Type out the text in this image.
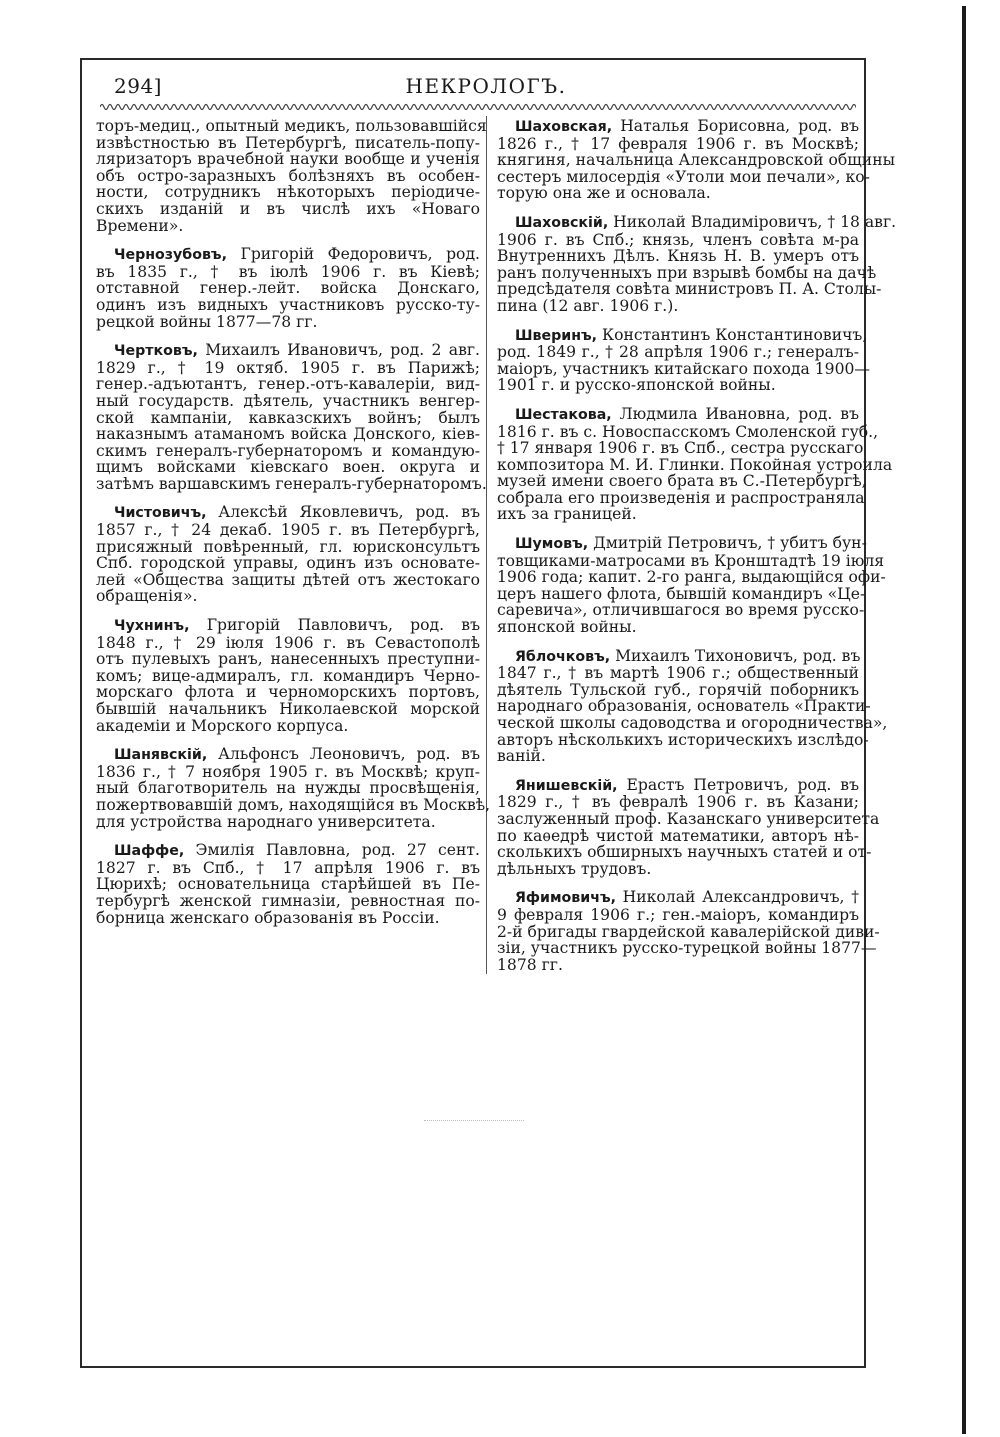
294]	НЕКРОЛОГЪ.
торъ-медиц., опытный медикъ, пользовавшійся
извѣстностью въ Петербургѣ, писатель-попу-
ляризаторъ врачебной науки вообще и ученія
объ остро-заразныхъ болѣзняхъ въ особен-
ности, сотрудникъ нѣкоторыхъ періодиче-
скихъ изданій и въ числѣ ихъ «Новаго
Времени».
Чернозубовъ, Григорій Федоровичъ, род.
въ 1835 г., † въ іюлѣ 1906 г. въ Кіевѣ;
отставной генер.-лейт. войска Донскаго,
одинъ изъ видныхъ участниковъ русско-ту-
рецкой войны 1877—78 гг.
Чертковъ, Михаилъ Ивановичъ, род. 2 авг.
1829 г., † 19 октяб. 1905 г. въ Парижѣ;
генер.-адъютантъ, генер.-отъ-кавалеріи, вид-
ный государств. дѣятель, участникъ венгер-
ской кампаніи, кавказскихъ войнъ; былъ
наказнымъ атаманомъ войска Донского, кіев-
скимъ генералъ-губернаторомъ и командую-
щимъ войсками кіевскаго воен. округа и
затѣмъ варшавскимъ генералъ-губернаторомъ.
Чистовичъ, Алексѣй Яковлевичъ, род. въ
1857 г., † 24 декаб. 1905 г. въ Петербургѣ,
присяжный повѣренный, гл. юрисконсультъ
Спб. городской управы, одинъ изъ основате-
лей «Общества защиты дѣтей отъ жестокаго
обращенія».
Чухнинъ, Григорій Павловичъ, род. въ
1848 г., † 29 іюля 1906 г. въ Севастополѣ
отъ пулевыхъ ранъ, нанесенныхъ преступни-
комъ; вице-адмиралъ, гл. командиръ Черно-
морскаго флота и черноморскихъ портовъ,
бывшій начальникъ Николаевской морской
академіи и Морского корпуса.
Шанявскій, Альфонсъ Леоновичъ, род. въ
1836 г., † 7 ноября 1905 г. въ Москвѣ; круп-
ный благотворитель на нужды просвѣщенія,
пожертвовавшій домъ, находящійся въ Москвѣ,
для устройства народнаго университета.
Шаффе, Эмилія Павловна, род. 27 сент.
1827 г. въ Спб., † 17 апрѣля 1906 г. въ
Цюрихѣ; основательница старѣйшей въ Пе-
тербургѣ женской гимназіи, ревностная по-
борница женскаго образованія въ Россіи.
Шаховская, Наталья Борисовна, род. въ
1826 г., † 17 февраля 1906 г. въ Москвѣ;
княгиня, начальница Александровской общины
сестеръ милосердія «Утоли мои печали», ко-
торую она же и основала.
Шаховскій, Николай Владиміровичъ, † 18 авг.
1906 г. въ Спб.; князь, членъ совѣта м-ра
Внутреннихъ Дѣлъ. Князь Н. В. умеръ отъ
ранъ полученныхъ при взрывѣ бомбы на дачѣ
предсѣдателя совѣта министровъ П. А. Столы-
пина (12 авг. 1906 г.).
Шверинъ, Константинъ Константиновичъ,
род. 1849 г., † 28 апрѣля 1906 г.; генералъ-
маіоръ, участникъ китайскаго похода 1900—
1901 г. и русско-японской войны.
Шестакова, Людмила Ивановна, род. въ
1816 г. въ с. Новоспасскомъ Смоленской губ.,
† 17 января 1906 г. въ Спб., сестра русскаго
композитора М. И. Глинки. Покойная устроила
музей имени своего брата въ С.-Петербургѣ,
собрала его произведенія и распространяла
ихъ за границей.
Шумовъ, Дмитрій Петровичъ, † убитъ бун-
товщиками-матросами въ Кронштадтѣ 19 іюля
1906 года; капит. 2-го ранга, выдающійся офи-
церъ нашего флота, бывшій командиръ «Це-
саревича», отличившагося во время русско-
японской войны.
Яблочковъ, Михаилъ Тихоновичъ, род. въ
1847 г., † въ мартѣ 1906 г.; общественный
дѣятель Тульской губ., горячій поборникъ
народнаго образованія, основатель «Практи-
ческой школы садоводства и огородничества»,
авторъ нѣсколькихъ историческихъ изслѣдо-
ваній.
Янишевскій, Ерастъ Петровичъ, род. въ
1829 г., † въ февралѣ 1906 г. въ Казани;
заслуженный проф. Казанскаго университета
по каѳедрѣ чистой математики, авторъ нѣ-
сколькихъ обширныхъ научныхъ статей и от-
дѣльныхъ трудовъ.
Яфимовичъ, Николай Александровичъ, †
9 февраля 1906 г.; ген.-маіоръ, командиръ
2-й бригады гвардейской кавалерійской диви-
зіи, участникъ русско-турецкой войны 1877—
1878 гг.
